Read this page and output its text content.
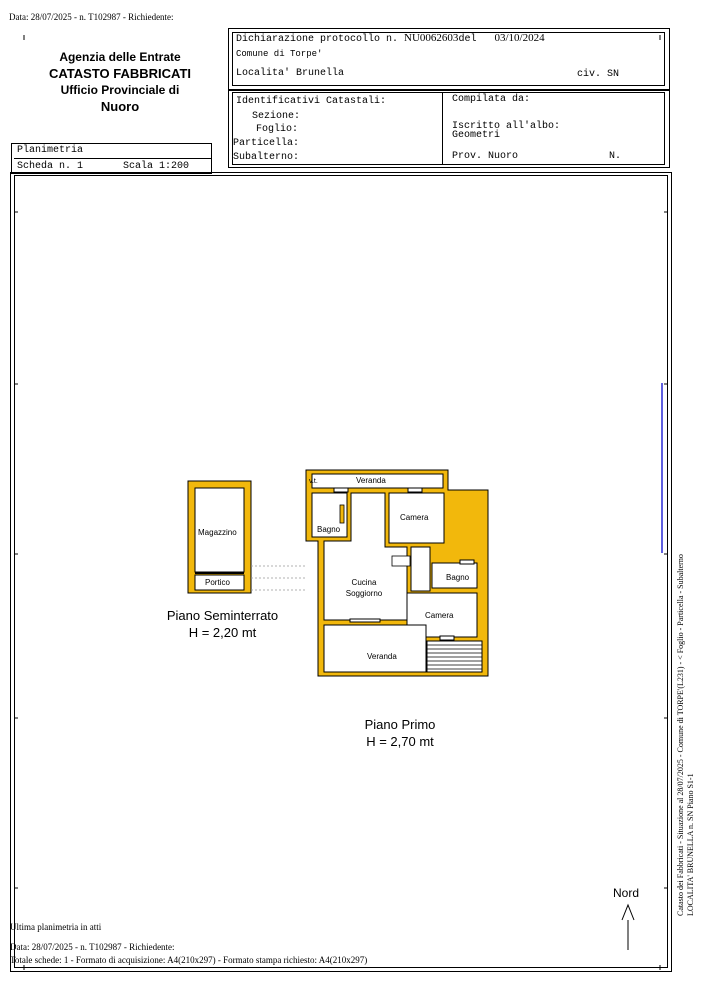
Data: 28/07/2025 - n. T102987 - Richiedente:
Agenzia delle Entrate
CATASTO FABBRICATI
Ufficio Provinciale di
Nuoro
Dichiarazione protocollo n. NU0062603del 03/10/2024
Comune di Torpe'
Localita' Brunella	civ. SN
Identificativi Catastali:
Sezione:
Foglio:
Particella:
Subalterno:
Compilata da:
Iscritto all'albo:
Geometri
Prov. Nuoro	N.
Planimetria
Scheda n. 1	Scala 1:200
Magazzino
Portico
Veranda
v.t.
Bagno
Camera
Cucina
Soggiorno
Bagno
Camera
Veranda
Piano Seminterrato
H = 2,20 mt
Piano Primo
H = 2,70 mt
Nord	Catasto dei Fabbricati - Situazione al 28/07/2025 - Comune di TORPE'(L231) - < Foglio - Particella - Subalterno LOCALITA' BRUNELLA n. SN Piano S1-1
Ultima planimetria in atti
Data: 28/07/2025 - n. T102987 - Richiedente:
Totale schede: 1 - Formato di acquisizione: A4(210x297) - Formato stampa richiesto: A4(210x297)
